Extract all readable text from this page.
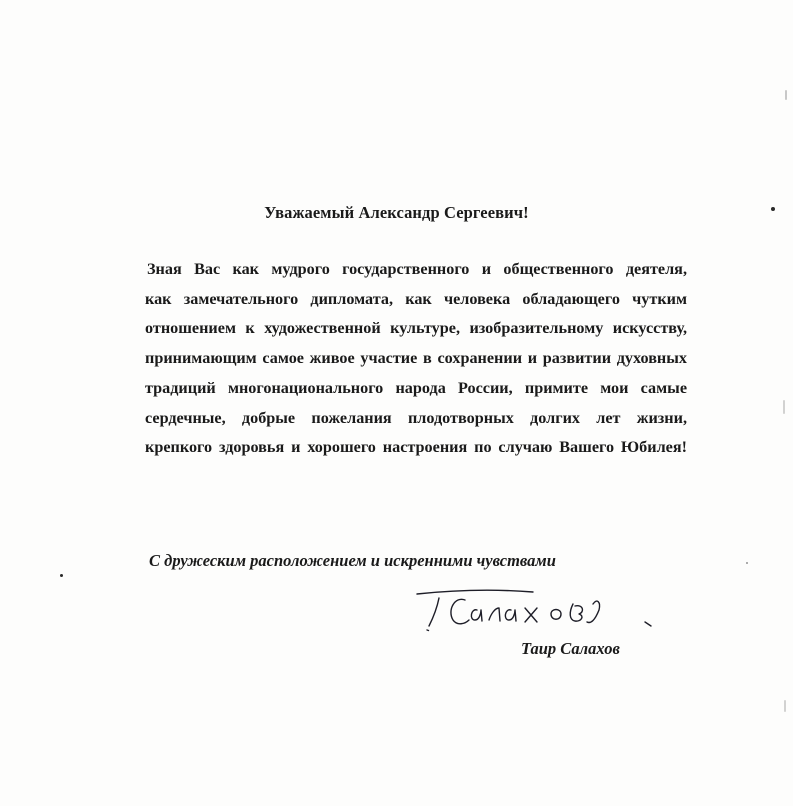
Уважаемый Александр Сергеевич!
Зная Вас как мудрого государственного и общественного деятеля,
как замечательного дипломата, как человека обладающего чутким
отношением к художественной культуре, изобразительному искусству,
принимающим самое живое участие в сохранении и развитии духовных
традиций многонационального народа России, примите мои самые
сердечные, добрые пожелания плодотворных долгих лет жизни,
крепкого здоровья и хорошего настроения по случаю Вашего Юбилея!
С дружеским расположением и искренними чувствами
Таир Салахов
